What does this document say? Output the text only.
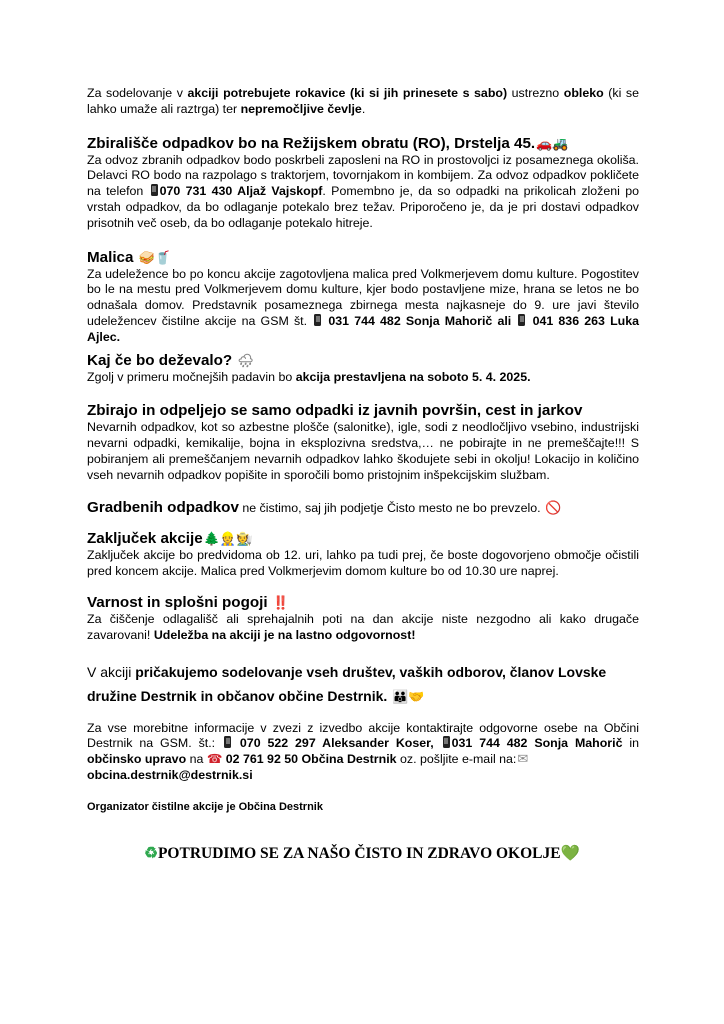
Za sodelovanje v akciji potrebujete rokavice (ki si jih prinesete s sabo) ustrezno obleko (ki se lahko umaže ali raztrga) ter nepremočljive čevlje.

Zbirališče odpadkov bo na Režijskem obratu (RO), Drstelja 45.🚗🚜

Za odvoz zbranih odpadkov bodo poskrbeli zaposleni na RO in prostovoljci iz posameznega okoliša. Delavci RO bodo na razpolago s traktorjem, tovornjakom in kombijem. Za odvoz odpadkov pokličete na telefon 070 731 430 Aljaž Vajskopf. Pomembno je, da so odpadki na prikolicah zloženi po vrstah odpadkov, da bo odlaganje potekalo brez težav. Priporočeno je, da je pri dostavi odpadkov prisotnih več oseb, da bo odlaganje potekalo hitreje.

Malica 🥪🥤

Za udeležence bo po koncu akcije zagotovljena malica pred Volkmerjevem domu kulture. Pogostitev bo le na mestu pred Volkmerjevem domu kulture, kjer bodo postavljene mize, hrana se letos ne bo odnašala domov. Predstavnik posameznega zbirnega mesta najkasneje do 9. ure javi število udeležencev čistilne akcije na GSM št.  031 744 482 Sonja Mahorič ali 041 836 263 Luka Ajlec.

Kaj če bo deževalo? 🌧

Zgolj v primeru močnejših padavin bo akcija prestavljena na soboto 5. 4. 2025.

Zbirajo in odpeljejo se samo odpadki iz javnih površin, cest in jarkov

Nevarnih odpadkov, kot so azbestne plošče (salonitke), igle, sodi z neodločljivo vsebino, industrijski nevarni odpadki, kemikalije, bojna in eksplozivna sredstva,… ne pobirajte in ne premeščajte!!! S pobiranjem ali premeščanjem nevarnih odpadkov lahko škodujete sebi in okolju! Lokacijo in količino vseh nevarnih odpadkov popišite in sporočili bomo pristojnim inšpekcijskim službam.

Gradbenih odpadkov ne čistimo, saj jih podjetje Čisto mesto ne bo prevzelo. 🚫

Zaključek akcije🌲👷🧑‍🌾

Zaključek akcije bo predvidoma ob 12. uri, lahko pa tudi prej, če boste dogovorjeno območje očistili pred koncem akcije. Malica pred Volkmerjevim domom kulture bo od 10.30 ure naprej.

Varnost in splošni pogoji ‼️

Za čiščenje odlagališč ali sprehajalnih poti na dan akcije niste nezgodno ali kako drugače zavarovani! Udeležba na akciji je na lastno odgovornost!

V akciji pričakujemo sodelovanje vseh društev, vaških odborov, članov Lovske družine Destrnik in občanov občine Destrnik. 👪🤝

Za vse morebitne informacije v zvezi z izvedbo akcije kontaktirajte odgovorne osebe na Občini Destrnik na GSM. št.:  070 522 297 Aleksander Koser, 031 744 482 Sonja Mahorič in občinsko upravo na ☎ 02 761 92 50 Občina Destrnik oz. pošljite e-mail na:✉
obcina.destrnik@destrnik.si

Organizator čistilne akcije je Občina Destrnik

♻POTRUDIMO SE ZA NAŠO ČISTO IN ZDRAVO OKOLJE💚
